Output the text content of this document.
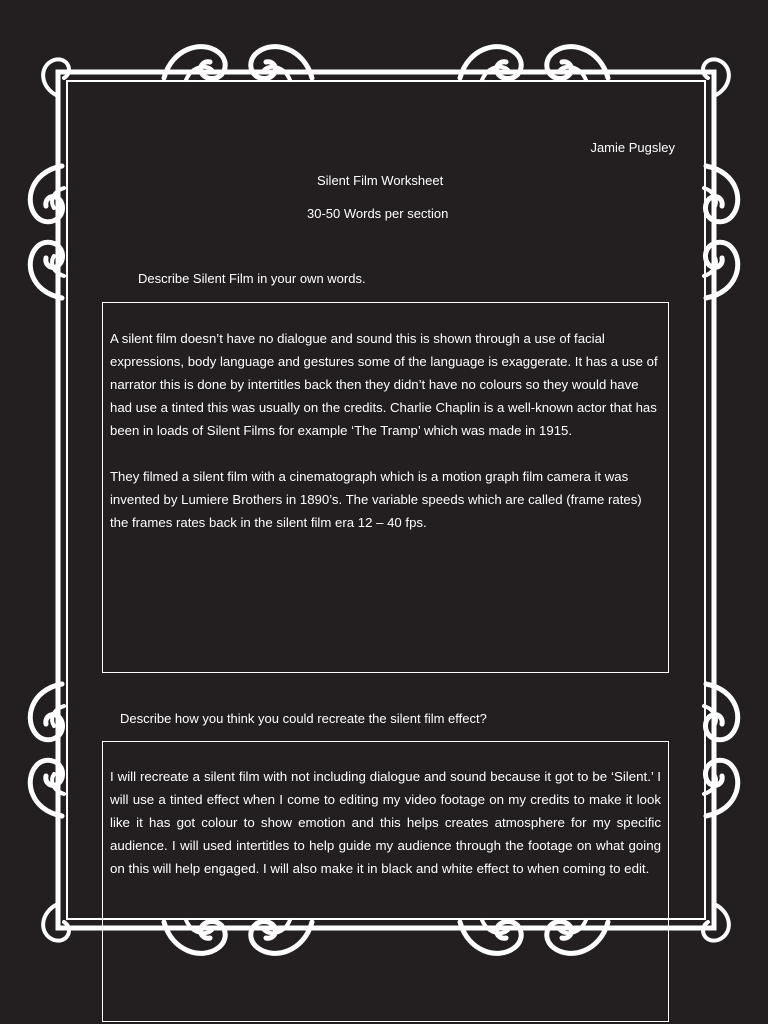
Jamie Pugsley
Silent Film Worksheet
30-50 Words per section
Describe Silent Film in your own words.

A silent film doesn’t have no dialogue and sound this is shown through a use of facial expressions, body language and gestures some of the language is exaggerate. It has a use of narrator this is done by intertitles back then they didn’t have no colours so they would have had use a tinted this was usually on the credits. Charlie Chaplin is a well-known actor that has been in loads of Silent Films for example ‘The Tramp’ which was made in 1915.

They filmed a silent film with a cinematograph which is a motion graph film camera it was invented by Lumiere Brothers in 1890’s. The variable speeds which are called (frame rates) the frames rates back in the silent film era 12 – 40 fps.

Describe how you think you could recreate the silent film effect?

I will recreate a silent film with not including dialogue and sound because it got to be ‘Silent.’ I will use a tinted effect when I come to editing my video footage on my credits to make it look like it has got colour to show emotion and this helps creates atmosphere for my specific audience. I will used intertitles to help guide my audience through the footage on what going on this will help engaged. I will also make it in black and white effect to when coming to edit.
